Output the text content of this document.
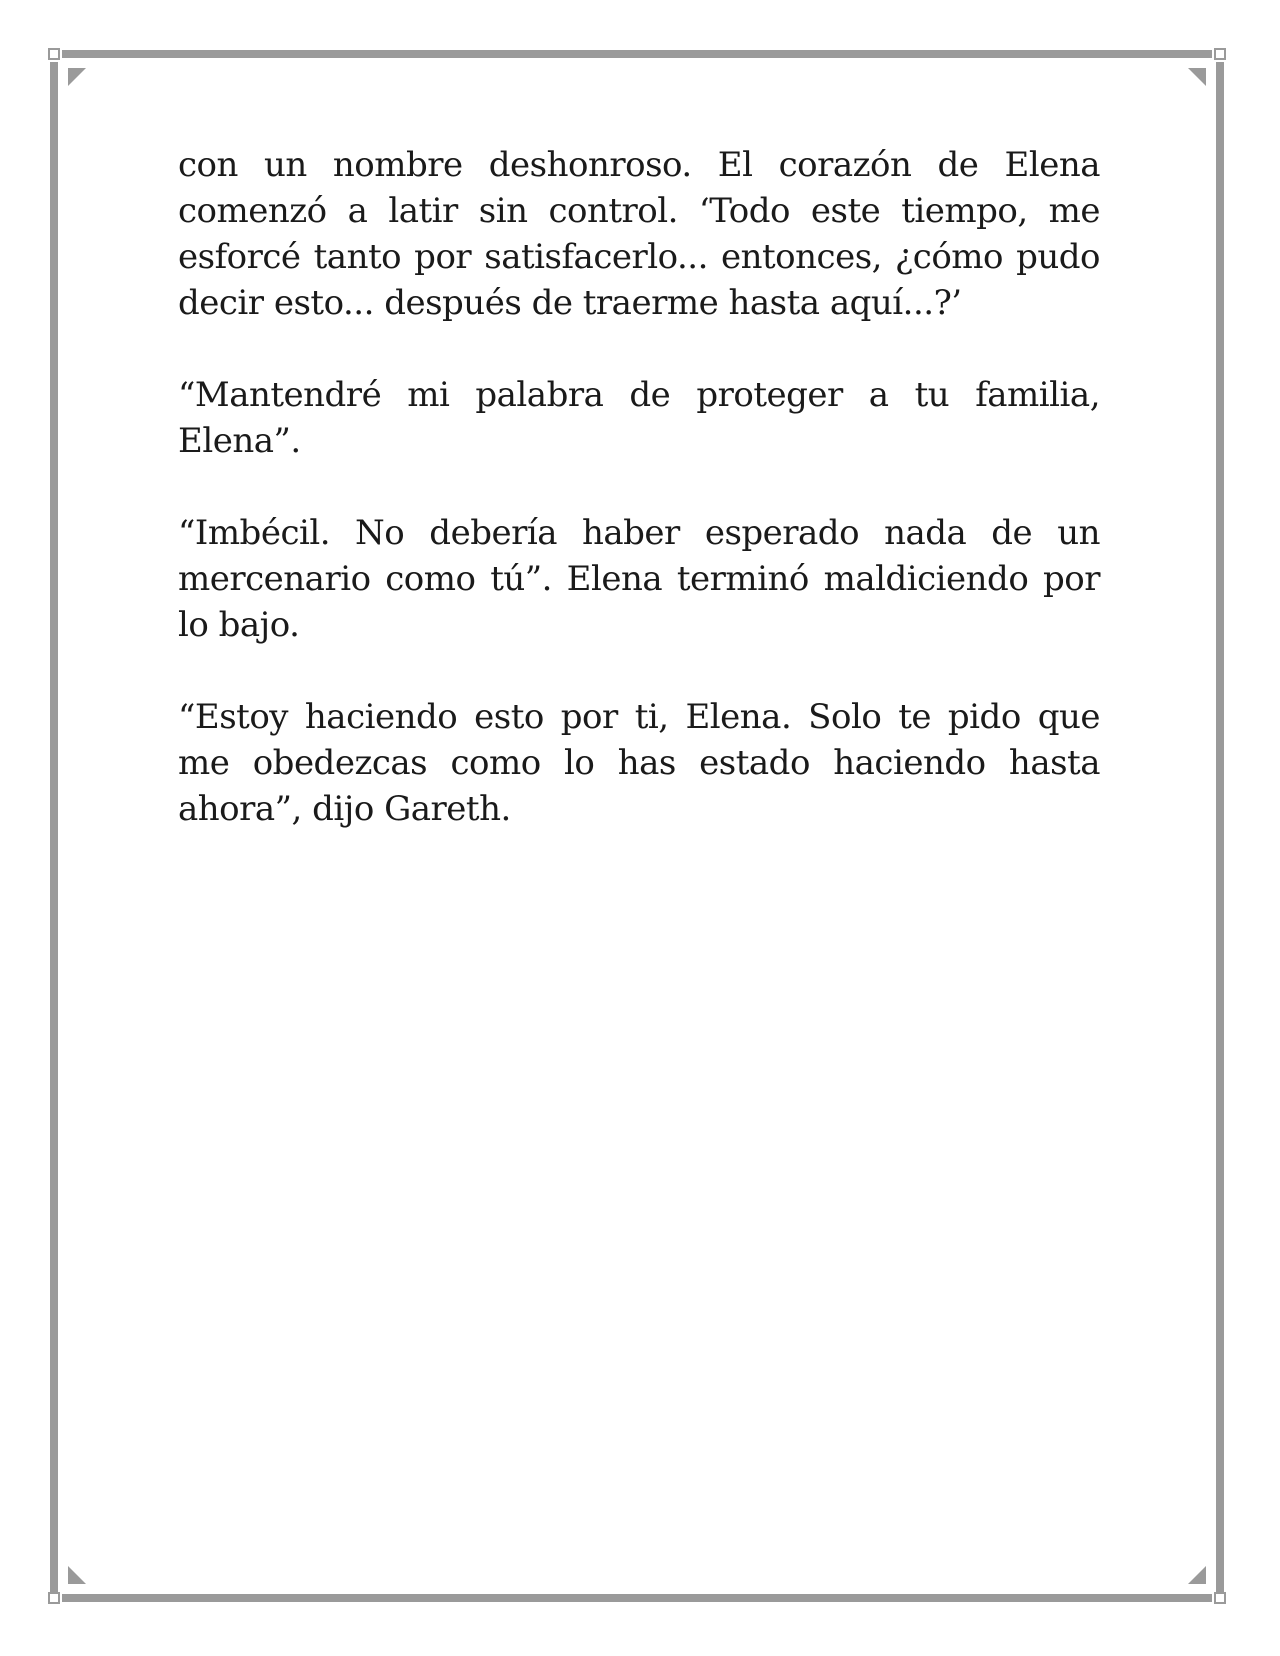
con un nombre deshonroso. El corazón de Elena comenzó a latir sin control. ‘Todo este tiempo, me esforcé tanto por satisfacerlo... entonces, ¿cómo pudo decir esto... después de traerme hasta aquí...?’

“Mantendré mi palabra de proteger a tu familia, Elena”.

“Imbécil. No debería haber esperado nada de un mercenario como tú”. Elena terminó maldiciendo por lo bajo.

“Estoy haciendo esto por ti, Elena. Solo te pido que me obedezcas como lo has estado haciendo hasta ahora”, dijo Gareth.
